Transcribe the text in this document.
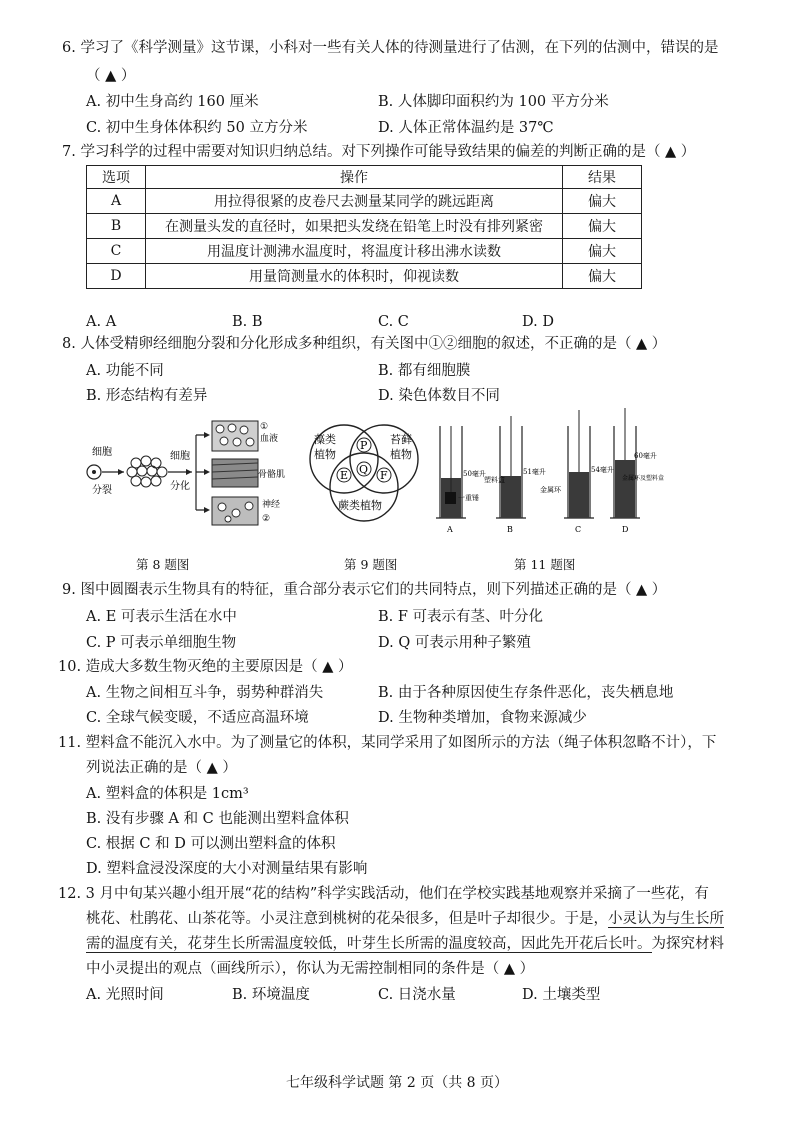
6. 学习了《科学测量》这节课，小科对一些有关人体的待测量进行了估测，在下列的估测中，错误的是
（ ▲ ）
A. 初中生身高约 160 厘米	B. 人体脚印面积约为 100 平方分米
C. 初中生身体体积约 50 立方分米	D. 人体正常体温约是 37℃
7. 学习科学的过程中需要对知识归纳总结。对下列操作可能导致结果的偏差的判断正确的是（ ▲ ）
选项	操作	结果
A	用拉得很紧的皮卷尺去测量某同学的跳远距离	偏大
B	在测量头发的直径时，如果把头发绕在铅笔上时没有排列紧密	偏大
C	用温度计测沸水温度时，将温度计移出沸水读数	偏大
D	用量筒测量水的体积时，仰视读数	偏大
A. A	B. B	C. C	D. D
8. 人体受精卵经细胞分裂和分化形成多种组织，有关图中①②细胞的叙述，不正确的是（ ▲ ）
A. 功能不同	B. 都有细胞膜
B. 形态结构有差异	D. 染色体数目不同
细胞
分裂
细胞
分化
①
血液
骨骼肌
神经
②
藻类
植物
苔藓
植物
蕨类植物
P
E	F
Q	50毫升
一重锤
A
51毫升
塑料盒
B
54毫升
金属环
C
60毫升
金属环及塑料盒
D
第 8 题图	第 9 题图	第 11 题图
9. 图中圆圈表示生物具有的特征，重合部分表示它们的共同特点，则下列描述正确的是（ ▲ ）
A. E 可表示生活在水中	B. F 可表示有茎、叶分化
C. P 可表示单细胞生物	D. Q 可表示用种子繁殖
10. 造成大多数生物灭绝的主要原因是（ ▲ ）
A. 生物之间相互斗争，弱势种群消失	B. 由于各种原因使生存条件恶化，丧失栖息地
C. 全球气候变暖，不适应高温环境	D. 生物种类增加，食物来源减少
11. 塑料盒不能沉入水中。为了测量它的体积，某同学采用了如图所示的方法（绳子体积忽略不计），下
列说法正确的是（ ▲ ）
A. 塑料盒的体积是 1cm³
B. 没有步骤 A 和 C 也能测出塑料盒体积
C. 根据 C 和 D 可以测出塑料盒的体积
D. 塑料盒浸没深度的大小对测量结果有影响
12. 3 月中旬某兴趣小组开展“花的结构”科学实践活动，他们在学校实践基地观察并采摘了一些花，有
桃花、杜鹃花、山茶花等。小灵注意到桃树的花朵很多，但是叶子却很少。于是，小灵认为与生长所
需的温度有关，花芽生长所需温度较低，叶芽生长所需的温度较高，因此先开花后长叶。为探究材料
中小灵提出的观点（画线所示），你认为无需控制相同的条件是（ ▲ ）
A. 光照时间	B. 环境温度	C. 日浇水量	D. 土壤类型
七年级科学试题 第 2 页（共 8 页）
